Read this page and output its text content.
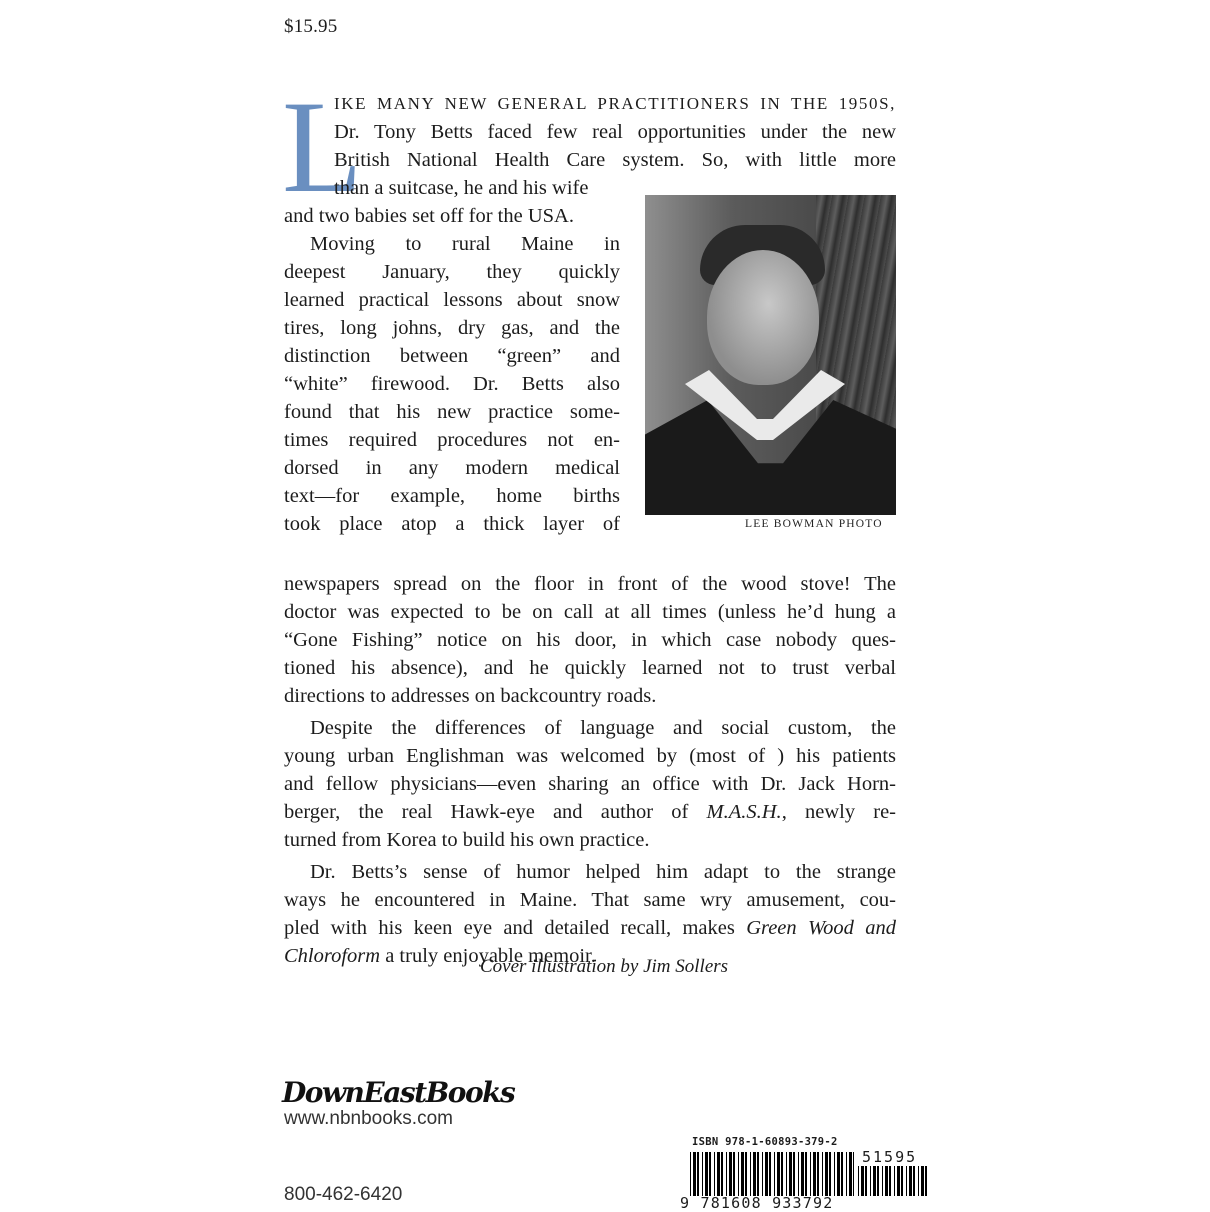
$15.95
L
IKE MANY NEW GENERAL PRACTITIONERS IN THE 1950S,
Dr. Tony Betts faced few real opportunities under the new
British National Health Care system. So, with little more
than a suitcase, he and his wife
and two babies set off for the USA.
Moving to rural Maine in
deepest January, they quickly
learned practical lessons about snow
tires, long johns, dry gas, and the
distinction between “green” and
“white” firewood. Dr. Betts also
found that his new practice some-
times required procedures not en-
dorsed in any modern medical
text—for example, home births
took place atop a thick layer of
newspapers spread on the floor in front of the wood stove! The
doctor was expected to be on call at all times (unless he’d hung a
“Gone Fishing” notice on his door, in which case nobody ques-
tioned his absence), and he quickly learned not to trust verbal
directions to addresses on backcountry roads.
Despite the differences of language and social custom, the
young urban Englishman was welcomed by (most of ) his patients
and fellow physicians—even sharing an office with Dr. Jack Horn-
berger, the real Hawk-eye and author of M.A.S.H., newly re-
turned from Korea to build his own practice.
Dr. Betts’s sense of humor helped him adapt to the strange
ways he encountered in Maine. That same wry amusement, cou-
pled with his keen eye and detailed recall, makes Green Wood and
Chloroform a truly enjoyable memoir.
LEE BOWMAN PHOTO
Cover illustration by Jim Sollers
DownEastBooks
www.nbnbooks.com
800-462-6420
ISBN 978-1-60893-379-2
51595
9 781608 933792
